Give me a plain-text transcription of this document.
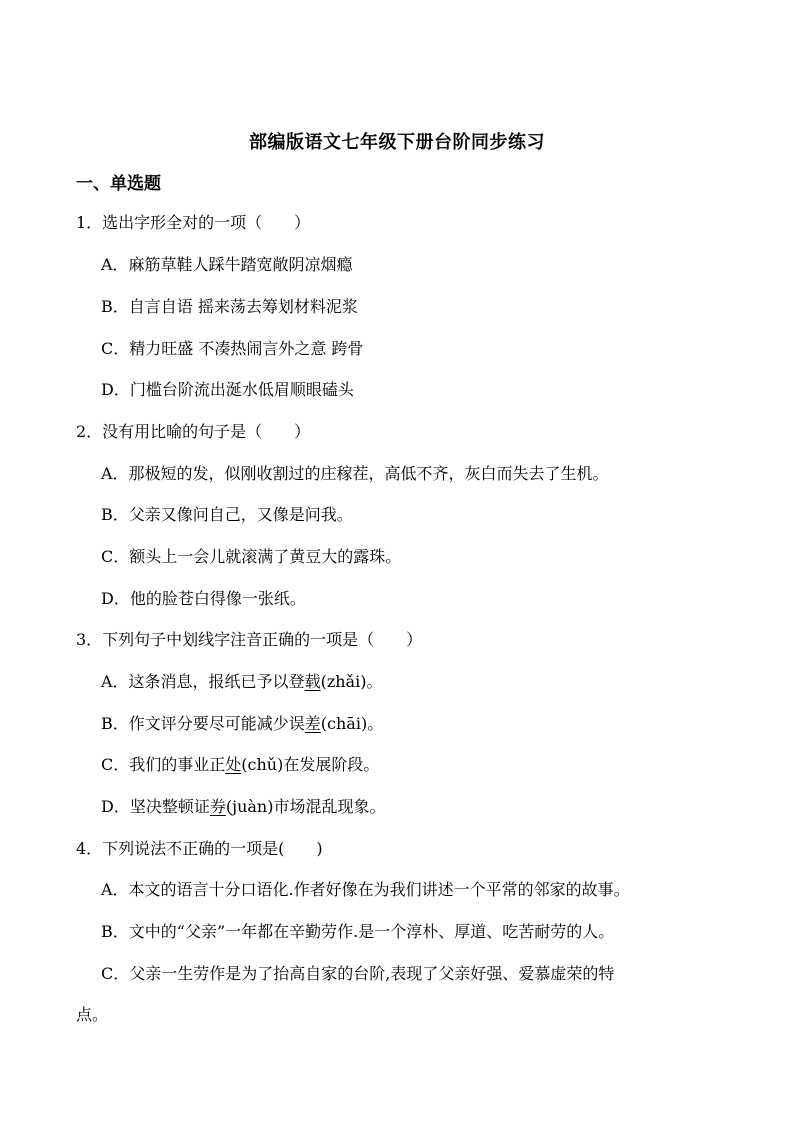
部编版语文七年级下册台阶同步练习
一、单选题
1．选出字形全对的一项（　　）
A．麻筋草鞋人踩牛踏宽敞阴凉烟瘾
B．自言自语 摇来荡去筹划材料泥浆
C．精力旺盛 不凑热闹言外之意 跨骨
D．门槛台阶流出涎水低眉顺眼磕头
2．没有用比喻的句子是（　　）
A．那极短的发，似刚收割过的庄稼茬，高低不齐，灰白而失去了生机。
B．父亲又像问自己，又像是问我。
C．额头上一会儿就滚满了黄豆大的露珠。
D．他的脸苍白得像一张纸。
3．下列句子中划线字注音正确的一项是（　　）
A．这条消息，报纸已予以登载(zhǎi)。
B．作文评分要尽可能减少误差(chāi)。
C．我们的事业正处(chǔ)在发展阶段。
D．坚决整顿证券(juàn)市场混乱现象。
4．下列说法不正确的一项是(　　)
A．本文的语言十分口语化.作者好像在为我们讲述一个平常的邻家的故事。
B．文中的“父亲”一年都在辛勤劳作.是一个淳朴、厚道、吃苦耐劳的人。
C．父亲一生劳作是为了抬高自家的台阶,表现了父亲好强、爱慕虚荣的特
点。
